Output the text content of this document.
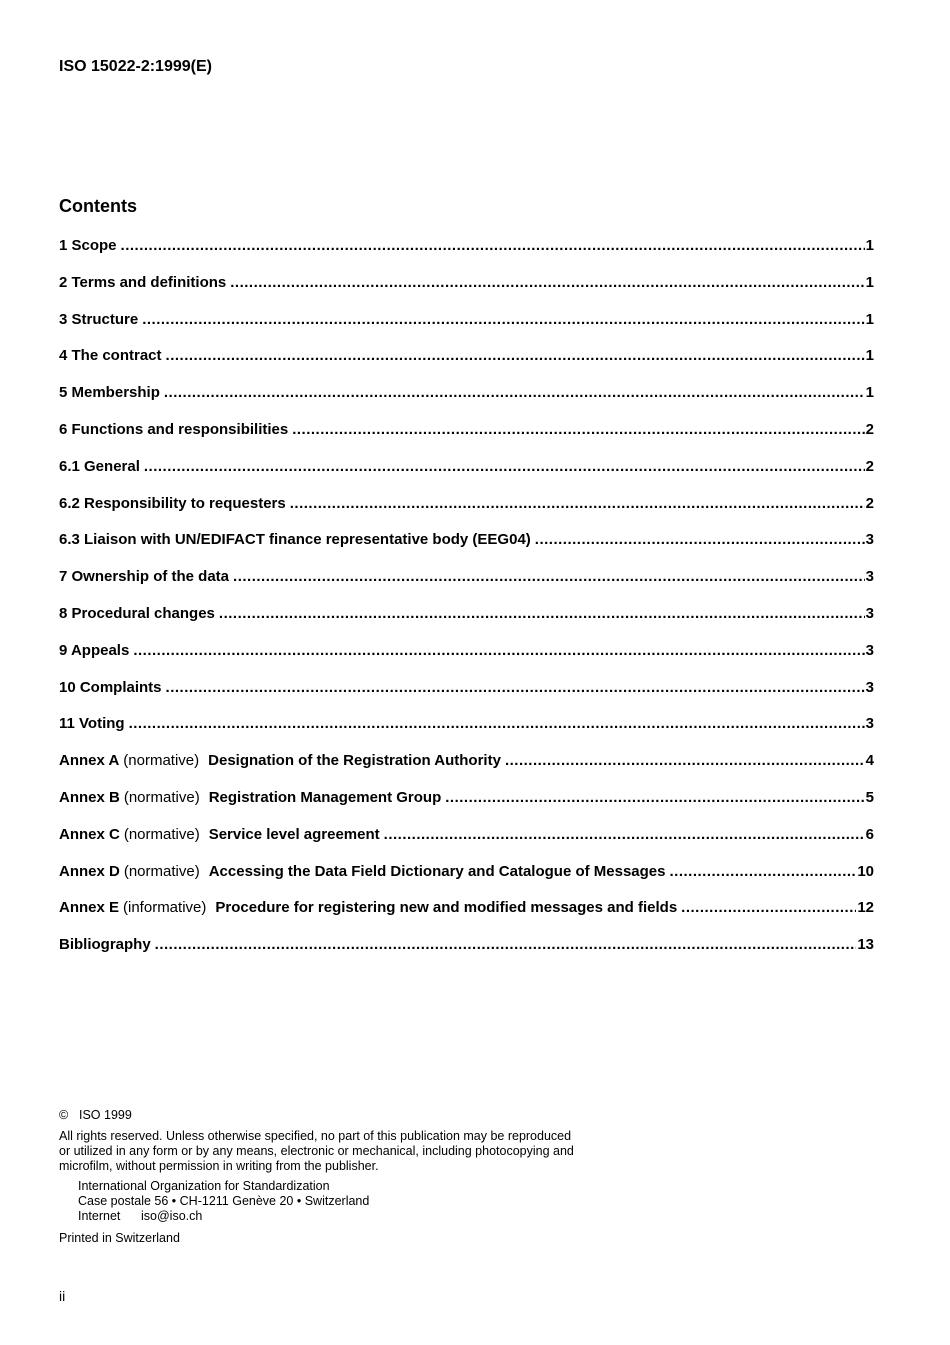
ISO 15022-2:1999(E)
Contents
1 Scope .....	1
2 Terms and definitions .....	1
3 Structure .....	1
4 The contract .....	1
5 Membership .....	1
6 Functions and responsibilities .....	2
6.1 General .....	2
6.2 Responsibility to requesters .....	2
6.3 Liaison with UN/EDIFACT finance representative body (EEG04) .....	3
7 Ownership of the data .....	3
8 Procedural changes .....	3
9 Appeals .....	3
10 Complaints .....	3
11 Voting .....	3
Annex A (normative) Designation of the Registration Authority .....	4
Annex B (normative) Registration Management Group .....	5
Annex C (normative) Service level agreement .....	6
Annex D (normative) Accessing the Data Field Dictionary and Catalogue of Messages .....	10
Annex E (informative) Procedure for registering new and modified messages and fields .....	12
Bibliography .....	13
© ISO 1999
All rights reserved. Unless otherwise specified, no part of this publication may be reproduced
or utilized in any form or by any means, electronic or mechanical, including photocopying and
microfilm, without permission in writing from the publisher.
International Organization for Standardization
Case postale 56 • CH-1211 Genève 20 • Switzerland
Internet iso@iso.ch
Printed in Switzerland
ii
